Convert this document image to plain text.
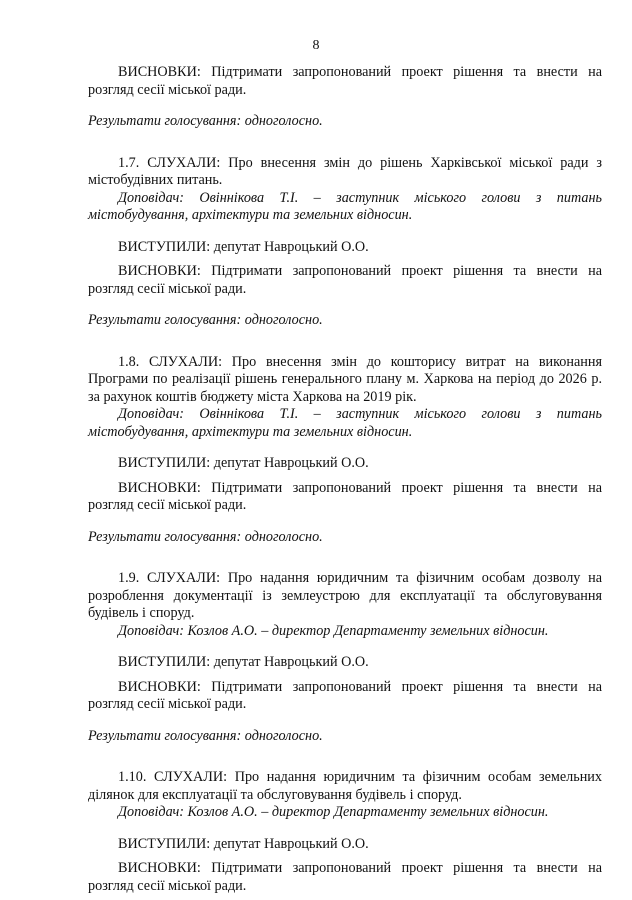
8

ВИСНОВКИ: Підтримати запропонований проект рішення та внести на розгляд сесії міської ради.

Результати голосування: одноголосно.

1.7. СЛУХАЛИ: Про внесення змін до рішень Харківської міської ради з містобудівних питань.

Доповідач: Овіннікова Т.І. – заступник міського голови з питань містобудування, архітектури та земельних відносин.

ВИСТУПИЛИ: депутат Навроцький О.О.

ВИСНОВКИ: Підтримати запропонований проект рішення та внести на розгляд сесії міської ради.

Результати голосування: одноголосно.

1.8. СЛУХАЛИ: Про внесення змін до кошторису витрат на виконання Програми по реалізації рішень генерального плану м. Харкова на період до 2026 р. за рахунок коштів бюджету міста Харкова на 2019 рік.

Доповідач: Овіннікова Т.І. – заступник міського голови з питань містобудування, архітектури та земельних відносин.

ВИСТУПИЛИ: депутат Навроцький О.О.

ВИСНОВКИ: Підтримати запропонований проект рішення та внести на розгляд сесії міської ради.

Результати голосування: одноголосно.

1.9. СЛУХАЛИ: Про надання юридичним та фізичним особам дозволу на розроблення документації із землеустрою для експлуатації та обслуговування будівель і споруд.

Доповідач: Козлов А.О. – директор Департаменту земельних відносин.

ВИСТУПИЛИ: депутат Навроцький О.О.

ВИСНОВКИ: Підтримати запропонований проект рішення та внести на розгляд сесії міської ради.

Результати голосування: одноголосно.

1.10. СЛУХАЛИ: Про надання юридичним та фізичним особам земельних ділянок для експлуатації та обслуговування будівель і споруд.

Доповідач: Козлов А.О. – директор Департаменту земельних відносин.

ВИСТУПИЛИ: депутат Навроцький О.О.

ВИСНОВКИ: Підтримати запропонований проект рішення та внести на розгляд сесії міської ради.
